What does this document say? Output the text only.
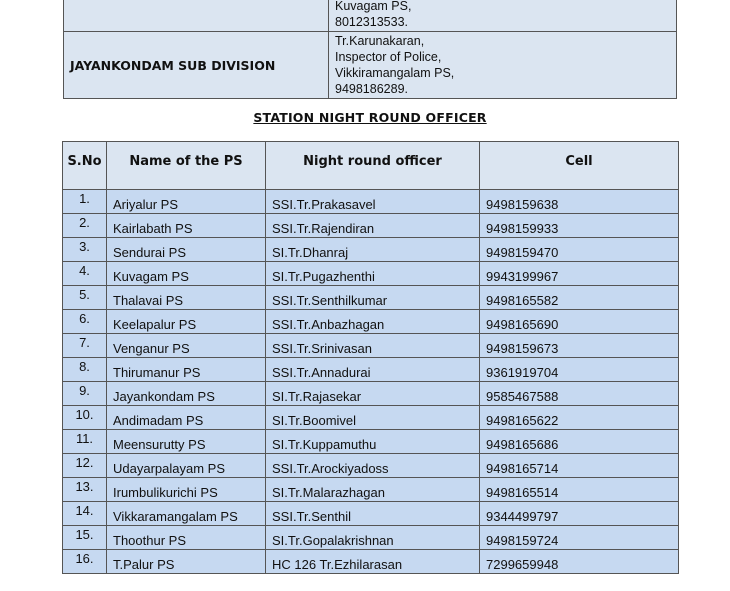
	Kuvagam PS,
8012313533.

JAYANKONDAM SUB DIVISION	Tr.Karunakaran,
Inspector of Police,
Vikkiramangalam PS,
9498186289.
STATION NIGHT ROUND OFFICER
S.No	Name of the PS	Night round officer	Cell
1.	Ariyalur PS	SSI.Tr.Prakasavel	9498159638
2.	Kairlabath PS	SSI.Tr.Rajendiran	9498159933
3.	Sendurai PS	SI.Tr.Dhanraj	9498159470
4.	Kuvagam PS	SI.Tr.Pugazhenthi	9943199967
5.	Thalavai PS	SSI.Tr.Senthilkumar	9498165582
6.	Keelapalur PS	SSI.Tr.Anbazhagan	9498165690
7.	Venganur PS	SSI.Tr.Srinivasan	9498159673
8.	Thirumanur PS	SSI.Tr.Annadurai	9361919704
9.	Jayankondam PS	SI.Tr.Rajasekar	9585467588
10.	Andimadam PS	SI.Tr.Boomivel	9498165622
11.	Meensurutty PS	SI.Tr.Kuppamuthu	9498165686
12.	Udayarpalayam PS	SSI.Tr.Arockiyadoss	9498165714
13.	Irumbulikurichi PS	SI.Tr.Malarazhagan	9498165514
14.	Vikkaramangalam PS	SSI.Tr.Senthil	9344499797
15.	Thoothur PS	SI.Tr.Gopalakrishnan	9498159724
16.	T.Palur PS	HC 126 Tr.Ezhilarasan	7299659948
